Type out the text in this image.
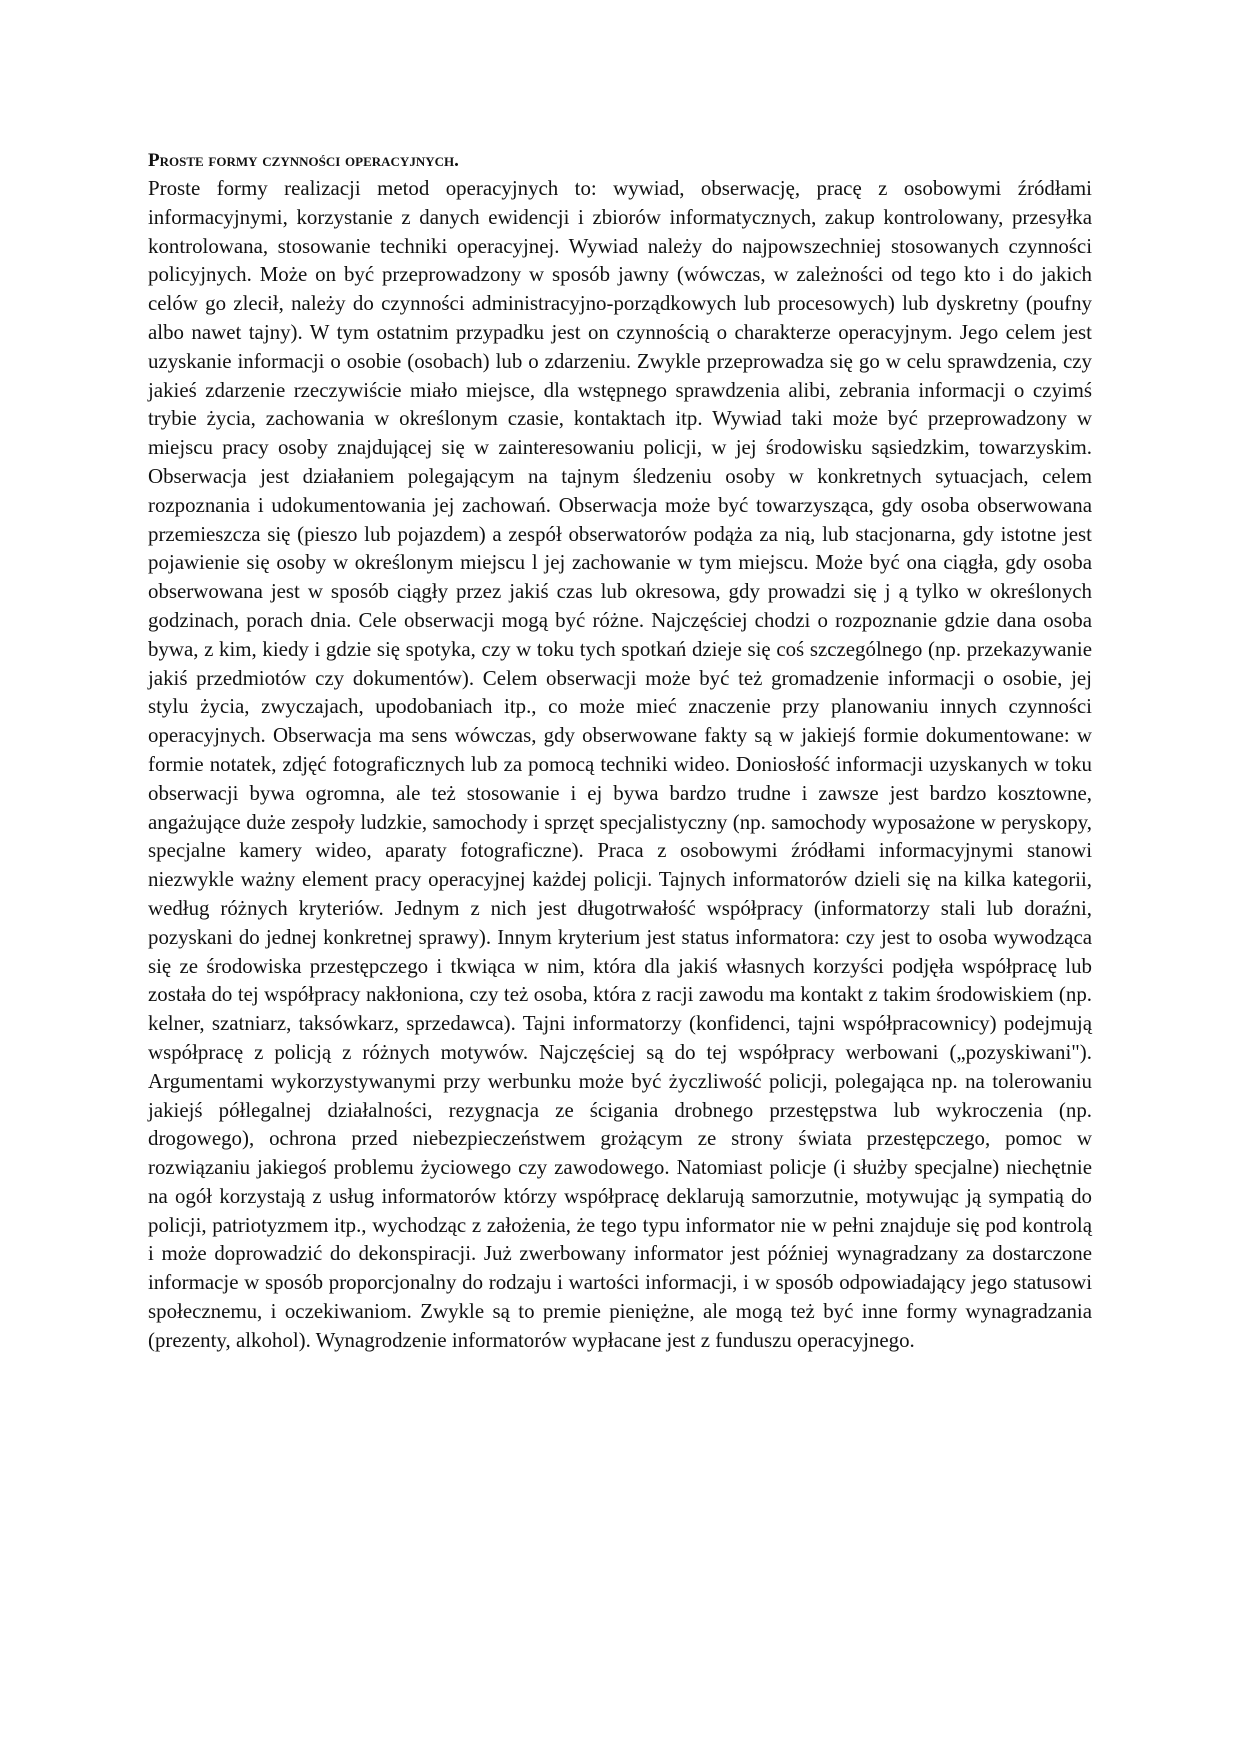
Proste formy czynności operacyjnych.

Proste formy realizacji metod operacyjnych to: wywiad, obserwację, pracę z osobowymi źródłami informacyjnymi, korzystanie z danych ewidencji i zbiorów informatycznych, zakup kontrolowany, przesyłka kontrolowana, stosowanie techniki operacyjnej. Wywiad należy do najpowszechniej stosowanych czynności policyjnych. Może on być przeprowadzony w sposób jawny (wówczas, w zależności od tego kto i do jakich celów go zlecił, należy do czynności administracyjno-porządkowych lub procesowych) lub dyskretny (poufny albo nawet tajny). W tym ostatnim przypadku jest on czynnością o charakterze operacyjnym. Jego celem jest uzyskanie informacji o osobie (osobach) lub o zdarzeniu. Zwykle przeprowadza się go w celu sprawdzenia, czy jakieś zdarzenie rzeczywiście miało miejsce, dla wstępnego sprawdzenia alibi, zebrania informacji o czyimś trybie życia, zachowania w określonym czasie, kontaktach itp. Wywiad taki może być przeprowadzony w miejscu pracy osoby znajdującej się w zainteresowaniu policji, w jej środowisku sąsiedzkim, towarzyskim. Obserwacja jest działaniem polegającym na tajnym śledzeniu osoby w konkretnych sytuacjach, celem rozpoznania i udokumentowania jej zachowań. Obserwacja może być towarzysząca, gdy osoba obserwowana przemieszcza się (pieszo lub pojazdem) a zespół obserwatorów podąża za nią, lub stacjonarna, gdy istotne jest pojawienie się osoby w określonym miejscu l jej zachowanie w tym miejscu. Może być ona ciągła, gdy osoba obserwowana jest w sposób ciągły przez jakiś czas lub okresowa, gdy prowadzi się j ą tylko w określonych godzinach, porach dnia. Cele obserwacji mogą być różne. Najczęściej chodzi o rozpoznanie gdzie dana osoba bywa, z kim, kiedy i gdzie się spotyka, czy w toku tych spotkań dzieje się coś szczególnego (np. przekazywanie jakiś przedmiotów czy dokumentów). Celem obserwacji może być też gromadzenie informacji o osobie, jej stylu życia, zwyczajach, upodobaniach itp., co może mieć znaczenie przy planowaniu innych czynności operacyjnych. Obserwacja ma sens wówczas, gdy obserwowane fakty są w jakiejś formie dokumentowane: w formie notatek, zdjęć fotograficznych lub za pomocą techniki wideo. Doniosłość informacji uzyskanych w toku obserwacji bywa ogromna, ale też stosowanie i ej bywa bardzo trudne i zawsze jest bardzo kosztowne, angażujące duże zespoły ludzkie, samochody i sprzęt specjalistyczny (np. samochody wyposażone w peryskopy, specjalne kamery wideo, aparaty fotograficzne). Praca z osobowymi źródłami informacyjnymi stanowi niezwykle ważny element pracy operacyjnej każdej policji. Tajnych informatorów dzieli się na kilka kategorii, według różnych kryteriów. Jednym z nich jest długotrwałość współpracy (informatorzy stali lub doraźni, pozyskani do jednej konkretnej sprawy). Innym kryterium jest status informatora: czy jest to osoba wywodząca się ze środowiska przestępczego i tkwiąca w nim, która dla jakiś własnych korzyści podjęła współpracę lub została do tej współpracy nakłoniona, czy też osoba, która z racji zawodu ma kontakt z takim środowiskiem (np. kelner, szatniarz, taksówkarz, sprzedawca). Tajni informatorzy (konfidenci, tajni współpracownicy) podejmują współpracę z policją z różnych motywów. Najczęściej są do tej współpracy werbowani („pozyskiwani"). Argumentami wykorzystywanymi przy werbunku może być życzliwość policji, polegająca np. na tolerowaniu jakiejś półlegalnej działalności, rezygnacja ze ścigania drobnego przestępstwa lub wykroczenia (np. drogowego), ochrona przed niebezpieczeństwem grożącym ze strony świata przestępczego, pomoc w rozwiązaniu jakiegoś problemu życiowego czy zawodowego. Natomiast policje (i służby specjalne) niechętnie na ogół korzystają z usług informatorów którzy współpracę deklarują samorzutnie, motywując ją sympatią do policji, patriotyzmem itp., wychodząc z założenia, że tego typu informator nie w pełni znajduje się pod kontrolą i może doprowadzić do dekonspiracji. Już zwerbowany informator jest później wynagradzany za dostarczone informacje w sposób proporcjonalny do rodzaju i wartości informacji, i w sposób odpowiadający jego statusowi społecznemu, i oczekiwaniom. Zwykle są to premie pieniężne, ale mogą też być inne formy wynagradzania (prezenty, alkohol). Wynagrodzenie informatorów wypłacane jest z funduszu operacyjnego.
